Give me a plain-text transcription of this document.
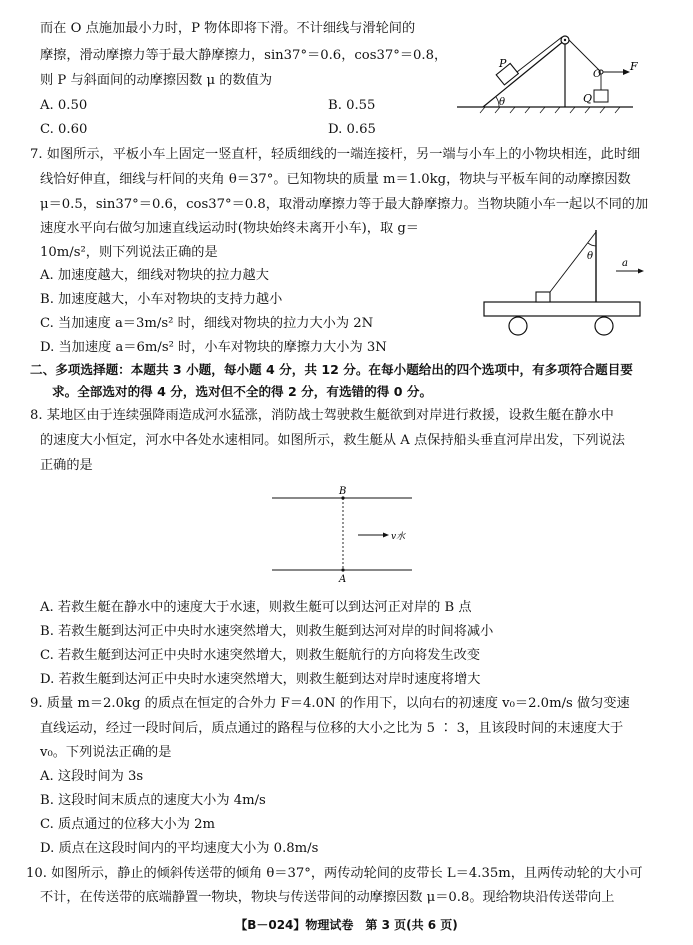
而在 O 点施加最小力时，P 物体即将下滑。不计细线与滑轮间的
摩擦，滑动摩擦力等于最大静摩擦力，sin37°＝0.6，cos37°＝0.8，
则 P 与斜面间的动摩擦因数 μ 的数值为
A. 0.50	B. 0.55
C. 0.60	D. 0.65
θ
P
O
F
Q
7. 如图所示，平板小车上固定一竖直杆，轻质细线的一端连接杆，另一端与小车上的小物块相连，此时细
线恰好伸直，细线与杆间的夹角 θ＝37°。已知物块的质量 m＝1.0kg，物块与平板车间的动摩擦因数
μ＝0.5，sin37°＝0.6，cos37°＝0.8，取滑动摩擦力等于最大静摩擦力。当物块随小车一起以不同的加
速度水平向右做匀加速直线运动时(物块始终未离开小车)，取 g＝
10m/s²，则下列说法正确的是
A. 加速度越大，细线对物块的拉力越大
B. 加速度越大，小车对物块的支持力越小
C. 当加速度 a＝3m/s² 时，细线对物块的拉力大小为 2N
D. 当加速度 a＝6m/s² 时，小车对物块的摩擦力大小为 3N
θ
a
二、多项选择题：本题共 3 小题，每小题 4 分，共 12 分。在每小题给出的四个选项中，有多项符合题目要
求。全部选对的得 4 分，选对但不全的得 2 分，有选错的得 0 分。
8. 某地区由于连续强降雨造成河水猛涨，消防战士驾驶救生艇欲到对岸进行救援，设救生艇在静水中
的速度大小恒定，河水中各处水速相同。如图所示，救生艇从 A 点保持船头垂直河岸出发，下列说法
正确的是
B
A
v水
A. 若救生艇在静水中的速度大于水速，则救生艇可以到达河正对岸的 B 点
B. 若救生艇到达河正中央时水速突然增大，则救生艇到达河对岸的时间将减小
C. 若救生艇到达河正中央时水速突然增大，则救生艇航行的方向将发生改变
D. 若救生艇到达河正中央时水速突然增大，则救生艇到达对岸时速度将增大
9. 质量 m＝2.0kg 的质点在恒定的合外力 F＝4.0N 的作用下，以向右的初速度 v₀＝2.0m/s 做匀变速
直线运动，经过一段时间后，质点通过的路程与位移的大小之比为 5 ∶ 3，且该段时间的末速度大于
v₀。下列说法正确的是
A. 这段时间为 3s
B. 这段时间末质点的速度大小为 4m/s
C. 质点通过的位移大小为 2m
D. 质点在这段时间内的平均速度大小为 0.8m/s
10. 如图所示，静止的倾斜传送带的倾角 θ＝37°，两传动轮间的皮带长 L＝4.35m，且两传动轮的大小可
不计，在传送带的底端静置一物块，物块与传送带间的动摩擦因数 μ＝0.8。现给物块沿传送带向上
【B－024】物理试卷　第 3 页(共 6 页)
